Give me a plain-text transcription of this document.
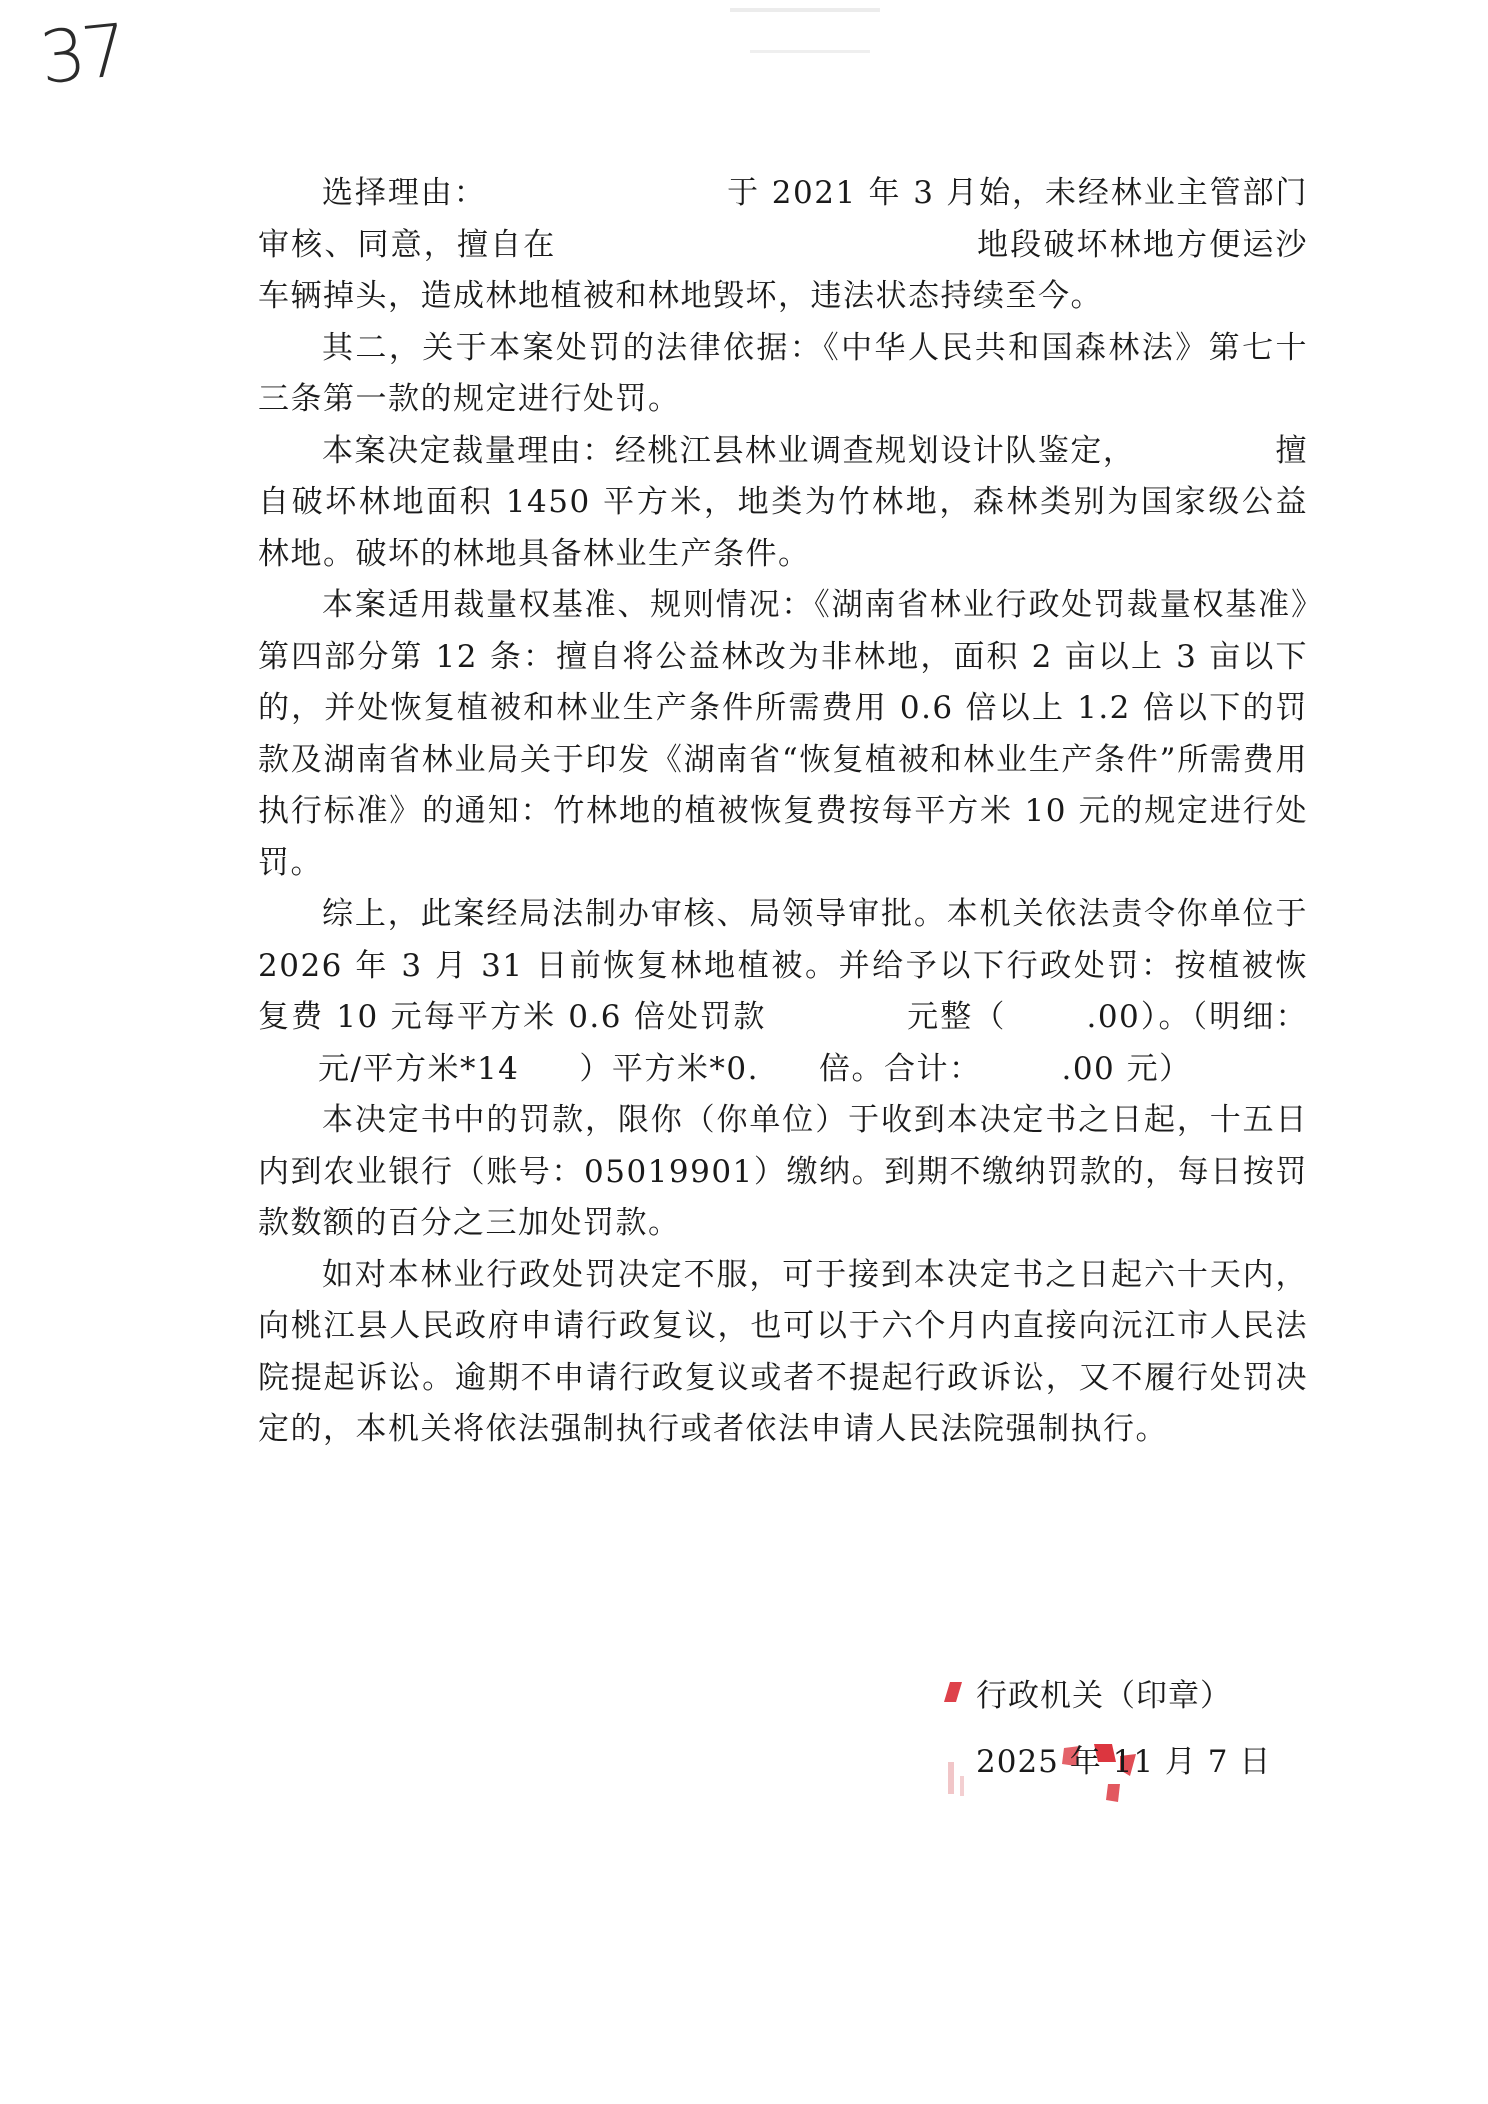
37

选择理由：	于 2021 年 3 月始，未经林业主管部门审核、同意，擅自在	地段破坏林地方便运沙车辆掉头，造成林地植被和林地毁坏，违法状态持续至今。

其二，关于本案处罚的法律依据：《中华人民共和国森林法》第七十三条第一款的规定进行处罚。

本案决定裁量理由：经桃江县林业调查规划设计队鉴定，	擅自破坏林地面积 1450 平方米，地类为竹林地，森林类别为国家级公益林地。破坏的林地具备林业生产条件。

本案适用裁量权基准、规则情况：《湖南省林业行政处罚裁量权基准》第四部分第 12 条：擅自将公益林改为非林地，面积 2 亩以上 3 亩以下的，并处恢复植被和林业生产条件所需费用 0.6 倍以上 1.2 倍以下的罚款及湖南省林业局关于印发《湖南省“恢复植被和林业生产条件”所需费用执行标准》的通知：竹林地的植被恢复费按每平方米 10 元的规定进行处罚。

综上，此案经局法制办审核、局领导审批。本机关依法责令你单位于 2026 年 3 月 31 日前恢复林地植被。并给予以下行政处罚：按植被恢复费 10 元每平方米 0.6 倍处罚款	元整（	.00）。（明细：元/平方米*14 ）平方米*0. 倍。合计：	.00 元）

本决定书中的罚款，限你（你单位）于收到本决定书之日起，十五日内到农业银行（账号：05019901）缴纳。到期不缴纳罚款的，每日按罚款数额的百分之三加处罚款。

如对本林业行政处罚决定不服，可于接到本决定书之日起六十天内，向桃江县人民政府申请行政复议，也可以于六个月内直接向沅江市人民法院提起诉讼。逾期不申请行政复议或者不提起行政诉讼，又不履行处罚决定的，本机关将依法强制执行或者依法申请人民法院强制执行。

行政机关（印章）
2025 年 11 月 7 日
